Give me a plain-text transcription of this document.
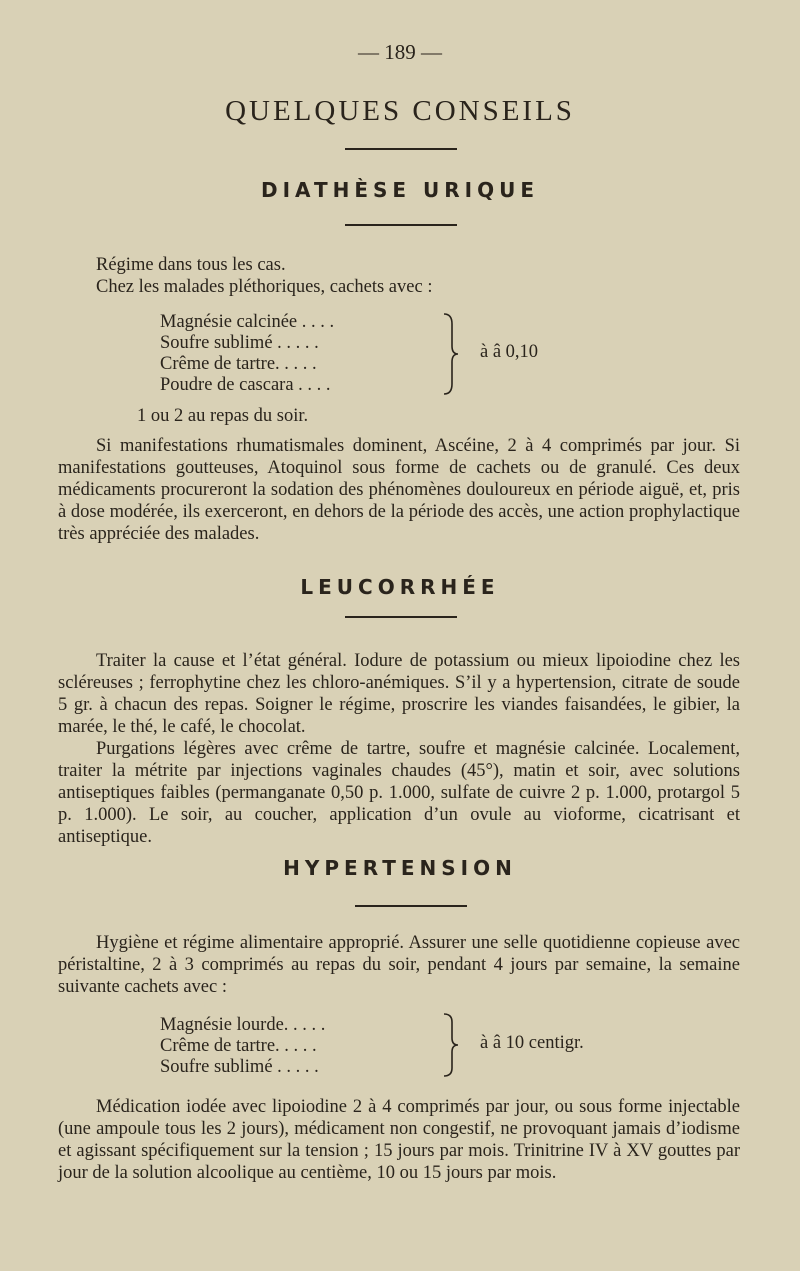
— 189 —
QUELQUES CONSEILS
DIATHÈSE URIQUE
Régime dans tous les cas.
Chez les malades pléthoriques, cachets avec :
Magnésie calcinée . . . .
Soufre sublimé . . . . .
Crême de tartre. . . . .
Poudre de cascara . . . .
à â 0,10
1 ou 2 au repas du soir.
Si manifestations rhumatismales dominent, Ascéine, 2 à 4 comprimés par jour. Si manifestations goutteuses, Atoquinol sous forme de cachets ou de granulé. Ces deux médicaments procureront la sodation des phénomènes douloureux en période aiguë, et, pris à dose modérée, ils exerceront, en dehors de la période des accès, une action prophylactique très appréciée des malades.
LEUCORRHÉE
Traiter la cause et l’état général. Iodure de potassium ou mieux lipoiodine chez les scléreuses ; ferrophytine chez les chloro-anémiques. S’il y a hypertension, citrate de soude 5 gr. à chacun des repas. Soigner le régime, proscrire les viandes faisandées, le gibier, la marée, le thé, le café, le chocolat.
Purgations légères avec crême de tartre, soufre et magnésie calcinée. Localement, traiter la métrite par injections vaginales chaudes (45°), matin et soir, avec solutions antiseptiques faibles (permanganate 0,50 p. 1.000, sulfate de cuivre 2 p. 1.000, protargol 5 p. 1.000). Le soir, au coucher, application d’un ovule au vioforme, cicatrisant et antiseptique.
HYPERTENSION
Hygiène et régime alimentaire approprié. Assurer une selle quotidienne copieuse avec péristaltine, 2 à 3 comprimés au repas du soir, pendant 4 jours par semaine, la semaine suivante cachets avec :
Magnésie lourde. . . . .
Crême de tartre. . . . .
Soufre sublimé . . . . .
à â 10 centigr.
Médication iodée avec lipoiodine 2 à 4 comprimés par jour, ou sous forme injectable (une ampoule tous les 2 jours), médicament non congestif, ne provoquant jamais d’iodisme et agissant spécifiquement sur la tension ; 15 jours par mois. Trinitrine IV à XV gouttes par jour de la solution alcoolique au centième, 10 ou 15 jours par mois.
